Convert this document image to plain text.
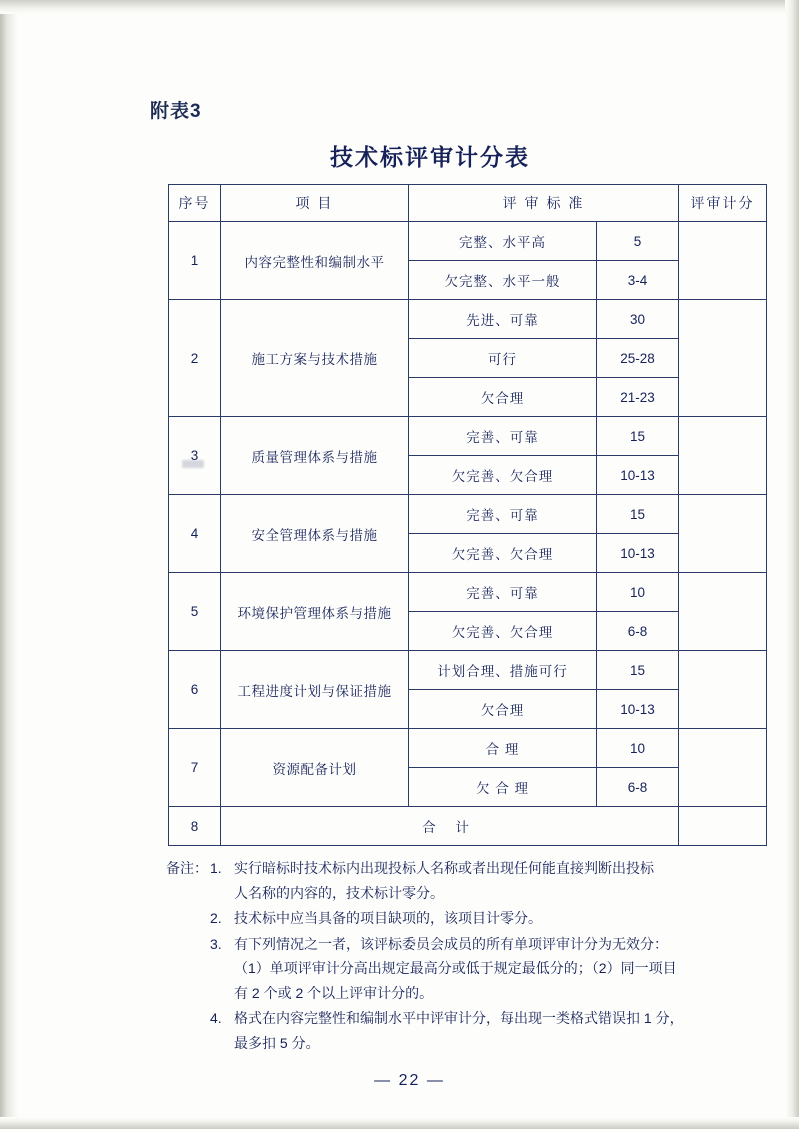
附表3
技术标评审计分表
序号	项 目	评 审 标 准		评审计分
1	内容完整性和编制水平	完整、水平高	5	
		欠完整、水平一般	3-4	
2	施工方案与技术措施	先进、可靠	30	
		可行	25-28	
		欠合理	21-23	
3	质量管理体系与措施	完善、可靠	15	
		欠完善、欠合理	10-13	
4	安全管理体系与措施	完善、可靠	15	
		欠完善、欠合理	10-13	
5	环境保护管理体系与措施	完善、可靠	10	
		欠完善、欠合理	6-8	
6	工程进度计划与保证措施	计划合理、措施可行	15	
		欠合理	10-13	
7	资源配备计划	合 理	10	
		欠 合 理	6-8	
8	合 计			
备注： 1. 实行暗标时技术标内出现投标人名称或者出现任何能直接判断出投标
人名称的内容的，技术标计零分。
2. 技术标中应当具备的项目缺项的，该项目计零分。
3. 有下列情况之一者，该评标委员会成员的所有单项评审计分为无效分：
（1）单项评审计分高出规定最高分或低于规定最低分的；（2）同一项目
有 2 个或 2 个以上评审计分的。
4. 格式在内容完整性和编制水平中评审计分，每出现一类格式错误扣 1 分，
最多扣 5 分。
— 22 —
